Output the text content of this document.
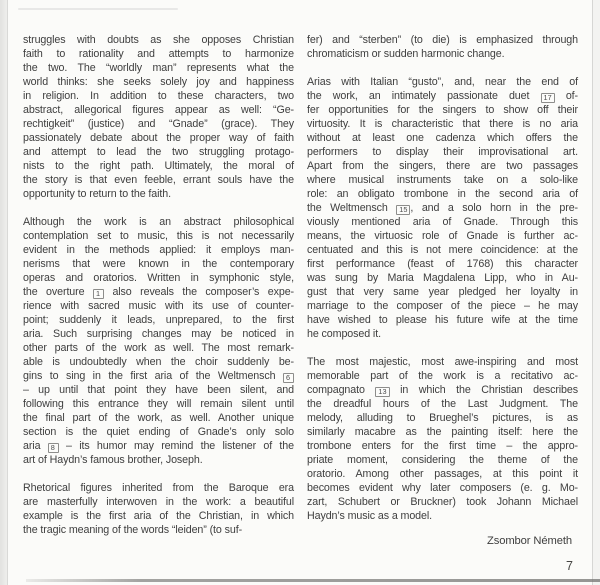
struggles with doubts as she opposes Christian
faith to rationality and attempts to harmonize
the two. The “worldly man” represents what the
world thinks: she seeks solely joy and happiness
in religion. In addition to these characters, two
abstract, allegorical figures appear as well: “Ge-
rechtigkeit” (justice) and “Gnade” (grace). They
passionately debate about the proper way of faith
and attempt to lead the two struggling protago-
nists to the right path. Ultimately, the moral of
the story is that even feeble, errant souls have the
opportunity to return to the faith.
Although the work is an abstract philosophical
contemplation set to music, this is not necessarily
evident in the methods applied: it employs man-
nerisms that were known in the contemporary
operas and oratorios. Written in symphonic style,
the overture 1 also reveals the composer’s expe-
rience with sacred music with its use of counter-
point; suddenly it leads, unprepared, to the first
aria. Such surprising changes may be noticed in
other parts of the work as well. The most remark-
able is undoubtedly when the choir suddenly be-
gins to sing in the first aria of the Weltmensch 6
– up until that point they have been silent, and
following this entrance they will remain silent until
the final part of the work, as well. Another unique
section is the quiet ending of Gnade’s only solo
aria 8 – its humor may remind the listener of the
art of Haydn’s famous brother, Joseph.
Rhetorical figures inherited from the Baroque era
are masterfully interwoven in the work: a beautiful
example is the first aria of the Christian, in which
the tragic meaning of the words “leiden” (to suf-
fer) and “sterben” (to die) is emphasized through
chromaticism or sudden harmonic change.
Arias with Italian “gusto”, and, near the end of
the work, an intimately passionate duet 17 of-
fer opportunities for the singers to show off their
virtuosity. It is characteristic that there is no aria
without at least one cadenza which offers the
performers to display their improvisational art.
Apart from the singers, there are two passages
where musical instruments take on a solo-like
role: an obligato trombone in the second aria of
the Weltmensch 15 , and a solo horn in the pre-
viously mentioned aria of Gnade. Through this
means, the virtuosic role of Gnade is further ac-
centuated and this is not mere coincidence: at the
first performance (feast of 1768) this character
was sung by Maria Magdalena Lipp, who in Au-
gust that very same year pledged her loyalty in
marriage to the composer of the piece – he may
have wished to please his future wife at the time
he composed it.
The most majestic, most awe-inspiring and most
memorable part of the work is a recitativo ac-
compagnato 13 in which the Christian describes
the dreadful hours of the Last Judgment. The
melody, alluding to Brueghel’s pictures, is as
similarly macabre as the painting itself: here the
trombone enters for the first time – the appro-
priate moment, considering the theme of the
oratorio. Among other passages, at this point it
becomes evident why later composers (e. g. Mo-
zart, Schubert or Bruckner) took Johann Michael
Haydn’s music as a model.
Zsombor Németh
7
